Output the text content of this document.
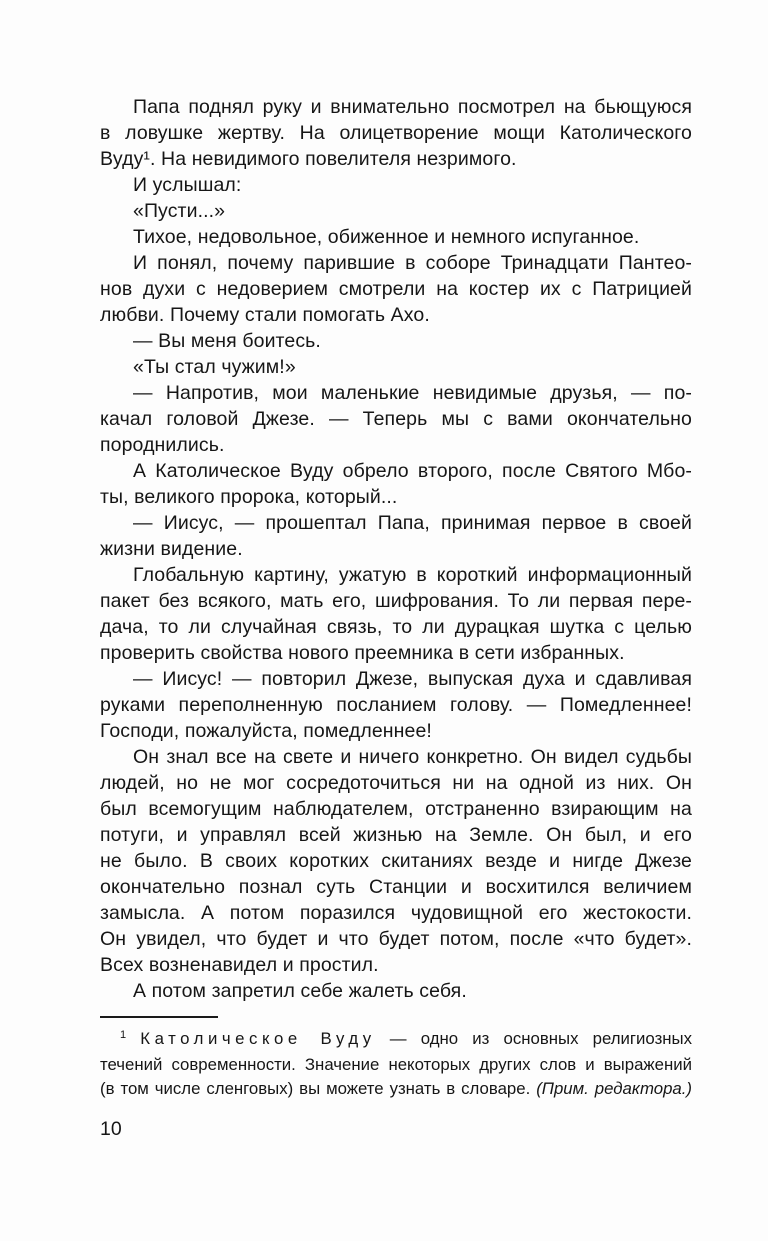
Папа поднял руку и внимательно посмотрел на бьющуюся
в ловушке жертву. На олицетворение мощи Католического
Вуду¹. На невидимого повелителя незримого.
И услышал:
«Пусти...»
Тихое, недовольное, обиженное и немного испуганное.
И понял, почему парившие в соборе Тринадцати Пантео-
нов духи с недоверием смотрели на костер их с Патрицией
любви. Почему стали помогать Ахо.
— Вы меня боитесь.
«Ты стал чужим!»
— Напротив, мои маленькие невидимые друзья, — по-
качал головой Джезе. — Теперь мы с вами окончательно
породнились.
А Католическое Вуду обрело второго, после Святого Мбо-
ты, великого пророка, который...
— Иисус, — прошептал Папа, принимая первое в своей
жизни видение.
Глобальную картину, ужатую в короткий информационный
пакет без всякого, мать его, шифрования. То ли первая пере-
дача, то ли случайная связь, то ли дурацкая шутка с целью
проверить свойства нового преемника в сети избранных.
— Иисус! — повторил Джезе, выпуская духа и сдавливая
руками переполненную посланием голову. — Помедленнее!
Господи, пожалуйста, помедленнее!
Он знал все на свете и ничего конкретно. Он видел судьбы
людей, но не мог сосредоточиться ни на одной из них. Он
был всемогущим наблюдателем, отстраненно взирающим на
потуги, и управлял всей жизнью на Земле. Он был, и его
не было. В своих коротких скитаниях везде и нигде Джезе
окончательно познал суть Станции и восхитился величием
замысла. А потом поразился чудовищной его жестокости.
Он увидел, что будет и что будет потом, после «что будет».
Всех возненавидел и простил.
А потом запретил себе жалеть себя.
$^1$ Католическое Вуду — одно из основных религиозных
течений современности. Значение некоторых других слов и выражений
(в том числе сленговых) вы можете узнать в словаре. (Прим. редактора.)
10
